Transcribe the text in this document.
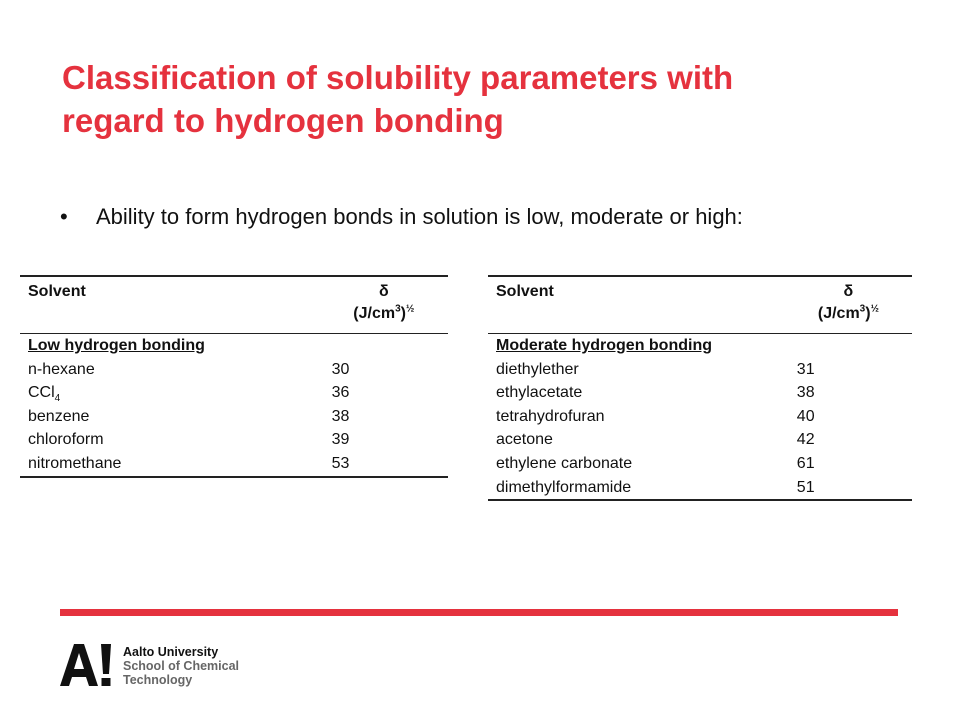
Classification of solubility parameters with
regard to hydrogen bonding
• Ability to form hydrogen bonds in solution is low, moderate or high:
Solvent	δ
$(J/cm^3)^{\frac{1}{2}}$
Low hydrogen bonding	
n-hexane	30
CCl$_4$	36
benzene	38
chloroform	39
nitromethane	53
Solvent	δ
$(J/cm^3)^{\frac{1}{2}}$
Moderate hydrogen bonding	
diethylether	31
ethylacetate	38
tetrahydrofuran	40
acetone	42
ethylene carbonate	61
dimethylformamide	51
Aalto University
School of Chemical
Technology
